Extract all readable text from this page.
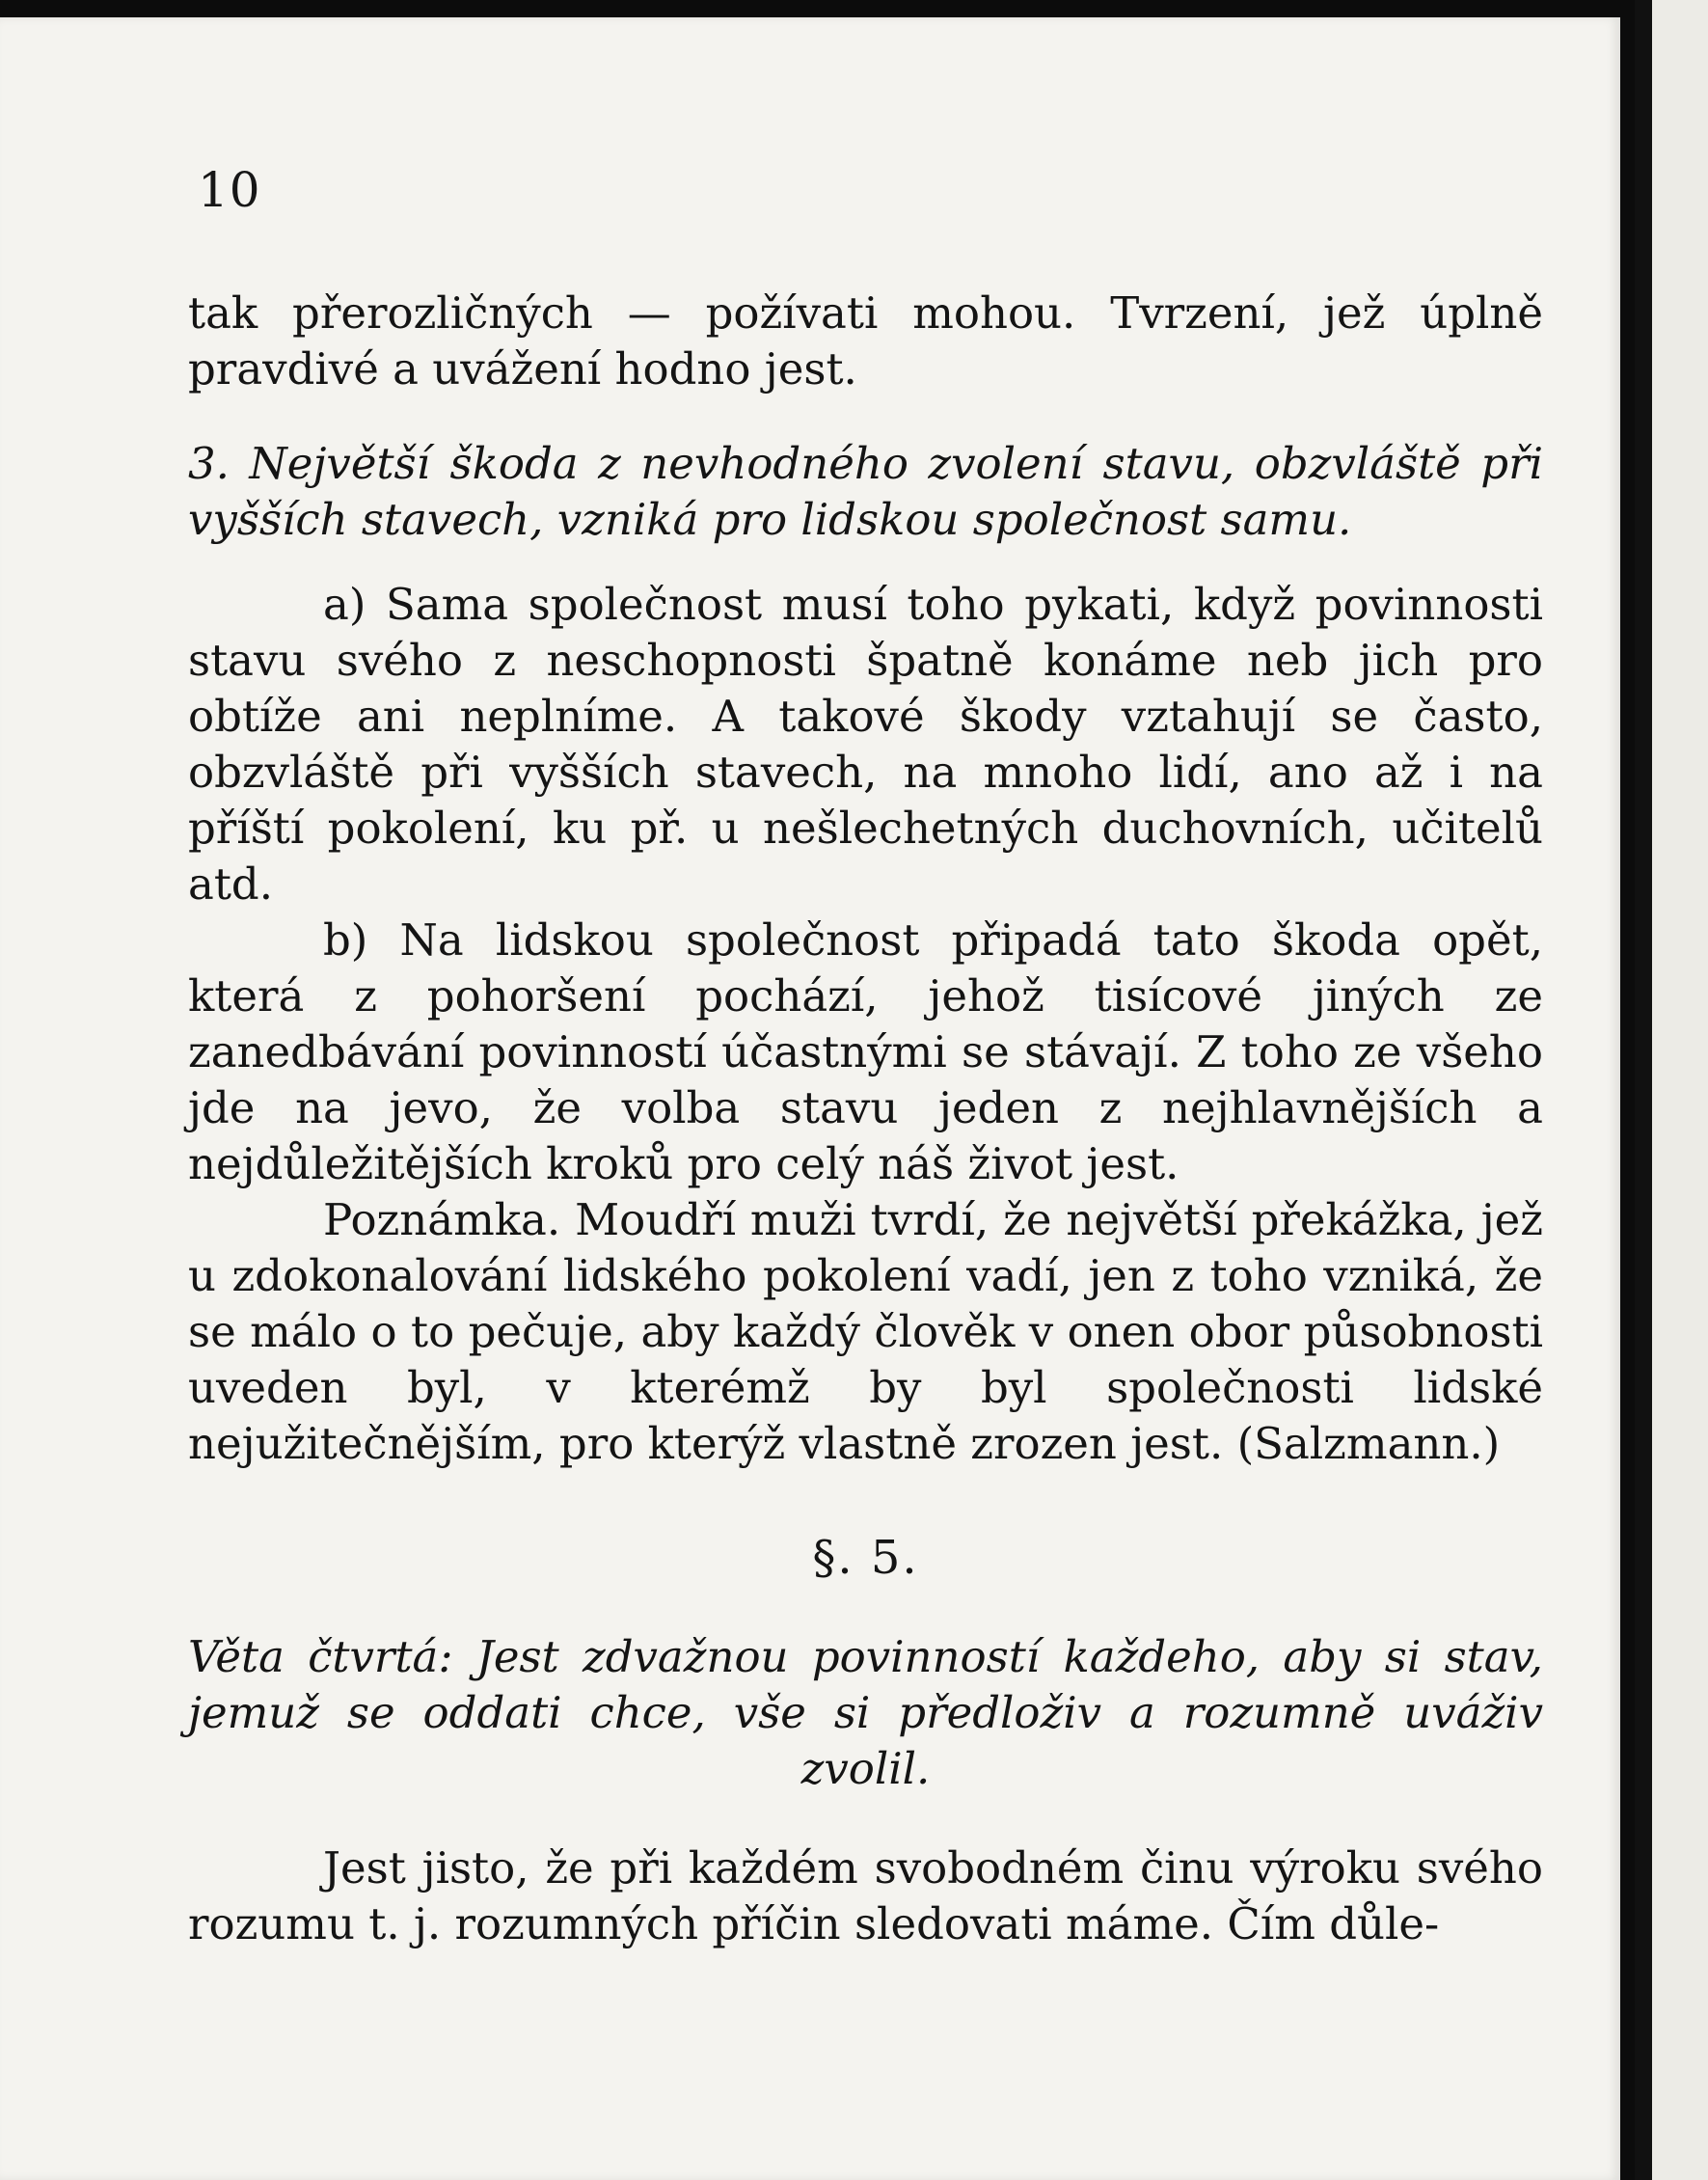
10

tak přerozličných — požívati mohou. Tvrzení, jež úplně pravdivé a uvážení hodno jest.

3. Největší škoda z nevhodného zvolení stavu, obzvláště při vyšších stavech, vzniká pro lidskou společnost samu.

a) Sama společnost musí toho pykati, když povinnosti stavu svého z neschopnosti špatně konáme neb jich pro obtíže ani neplníme. A takové škody vztahují se často, obzvláště při vyšších stavech, na mnoho lidí, ano až i na příští pokolení, ku př. u nešlechetných duchovních, učitelů atd.

b) Na lidskou společnost připadá tato škoda opět, která z pohoršení pochází, jehož tisícové jiných ze zanedbávání povinností účastnými se stávají. Z toho ze všeho jde na jevo, že volba stavu jeden z nejhlavnějších a nejdůležitějších kroků pro celý náš život jest.

Poznámka. Moudří muži tvrdí, že největší překážka, jež u zdokonalování lidského pokolení vadí, jen z toho vzniká, že se málo o to pečuje, aby každý člověk v onen obor působnosti uveden byl, v kterémž by byl společnosti lidské nejužitečnějším, pro kterýž vlastně zrozen jest. (Salzmann.)

§. 5.

Věta čtvrtá: Jest zdvažnou povinností každeho, aby si stav, jemuž se oddati chce, vše si předloživ a rozumně uváživ zvolil.

Jest jisto, že při každém svobodném činu výroku svého rozumu t. j. rozumných příčin sledovati máme. Čím důle-
